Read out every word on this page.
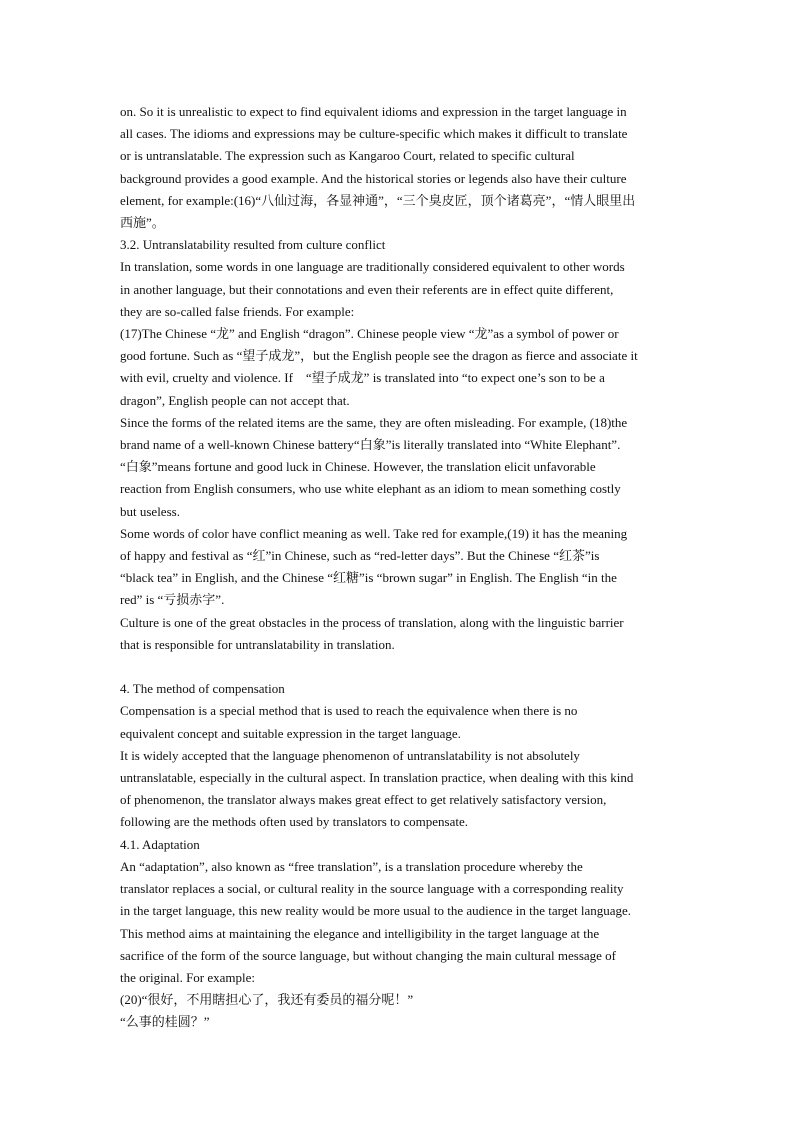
on. So it is unrealistic to expect to find equivalent idioms and expression in the target language in
all cases. The idioms and expressions may be culture-specific which makes it difficult to translate
or is untranslatable. The expression such as Kangaroo Court, related to specific cultural
background provides a good example. And the historical stories or legends also have their culture
element, for example:(16)“八仙过海，各显神通”，“三个臭皮匠，顶个诸葛亮”，“情人眼里出
西施”。
3.2. Untranslatability resulted from culture conflict
In translation, some words in one language are traditionally considered equivalent to other words
in another language, but their connotations and even their referents are in effect quite different,
they are so-called false friends. For example:
(17)The Chinese “龙” and English “dragon”. Chinese people view “龙”as a symbol of power or
good fortune. Such as “望子成龙”，but the English people see the dragon as fierce and associate it
with evil, cruelty and violence. If　“望子成龙” is translated into “to expect one’s son to be a
dragon”, English people can not accept that.
Since the forms of the related items are the same, they are often misleading. For example, (18)the
brand name of a well-known Chinese battery“白象”is literally translated into “White Elephant”.
“白象”means fortune and good luck in Chinese. However, the translation elicit unfavorable
reaction from English consumers, who use white elephant as an idiom to mean something costly
but useless.
Some words of color have conflict meaning as well. Take red for example,(19) it has the meaning
of happy and festival as “红”in Chinese, such as “red-letter days”. But the Chinese “红茶”is
“black tea” in English, and the Chinese “红糖”is “brown sugar” in English. The English “in the
red” is “亏损赤字”.
Culture is one of the great obstacles in the process of translation, along with the linguistic barrier
that is responsible for untranslatability in translation.
4. The method of compensation
Compensation is a special method that is used to reach the equivalence when there is no
equivalent concept and suitable expression in the target language.
It is widely accepted that the language phenomenon of untranslatability is not absolutely
untranslatable, especially in the cultural aspect. In translation practice, when dealing with this kind
of phenomenon, the translator always makes great effect to get relatively satisfactory version,
following are the methods often used by translators to compensate.
4.1. Adaptation
An “adaptation”, also known as “free translation”, is a translation procedure whereby the
translator replaces a social, or cultural reality in the source language with a corresponding reality
in the target language, this new reality would be more usual to the audience in the target language.
This method aims at maintaining the elegance and intelligibility in the target language at the
sacrifice of the form of the source language, but without changing the main cultural message of
the original. For example:
(20)“很好，不用瞎担心了，我还有委员的福分呢！”
“么事的桂圆？”
